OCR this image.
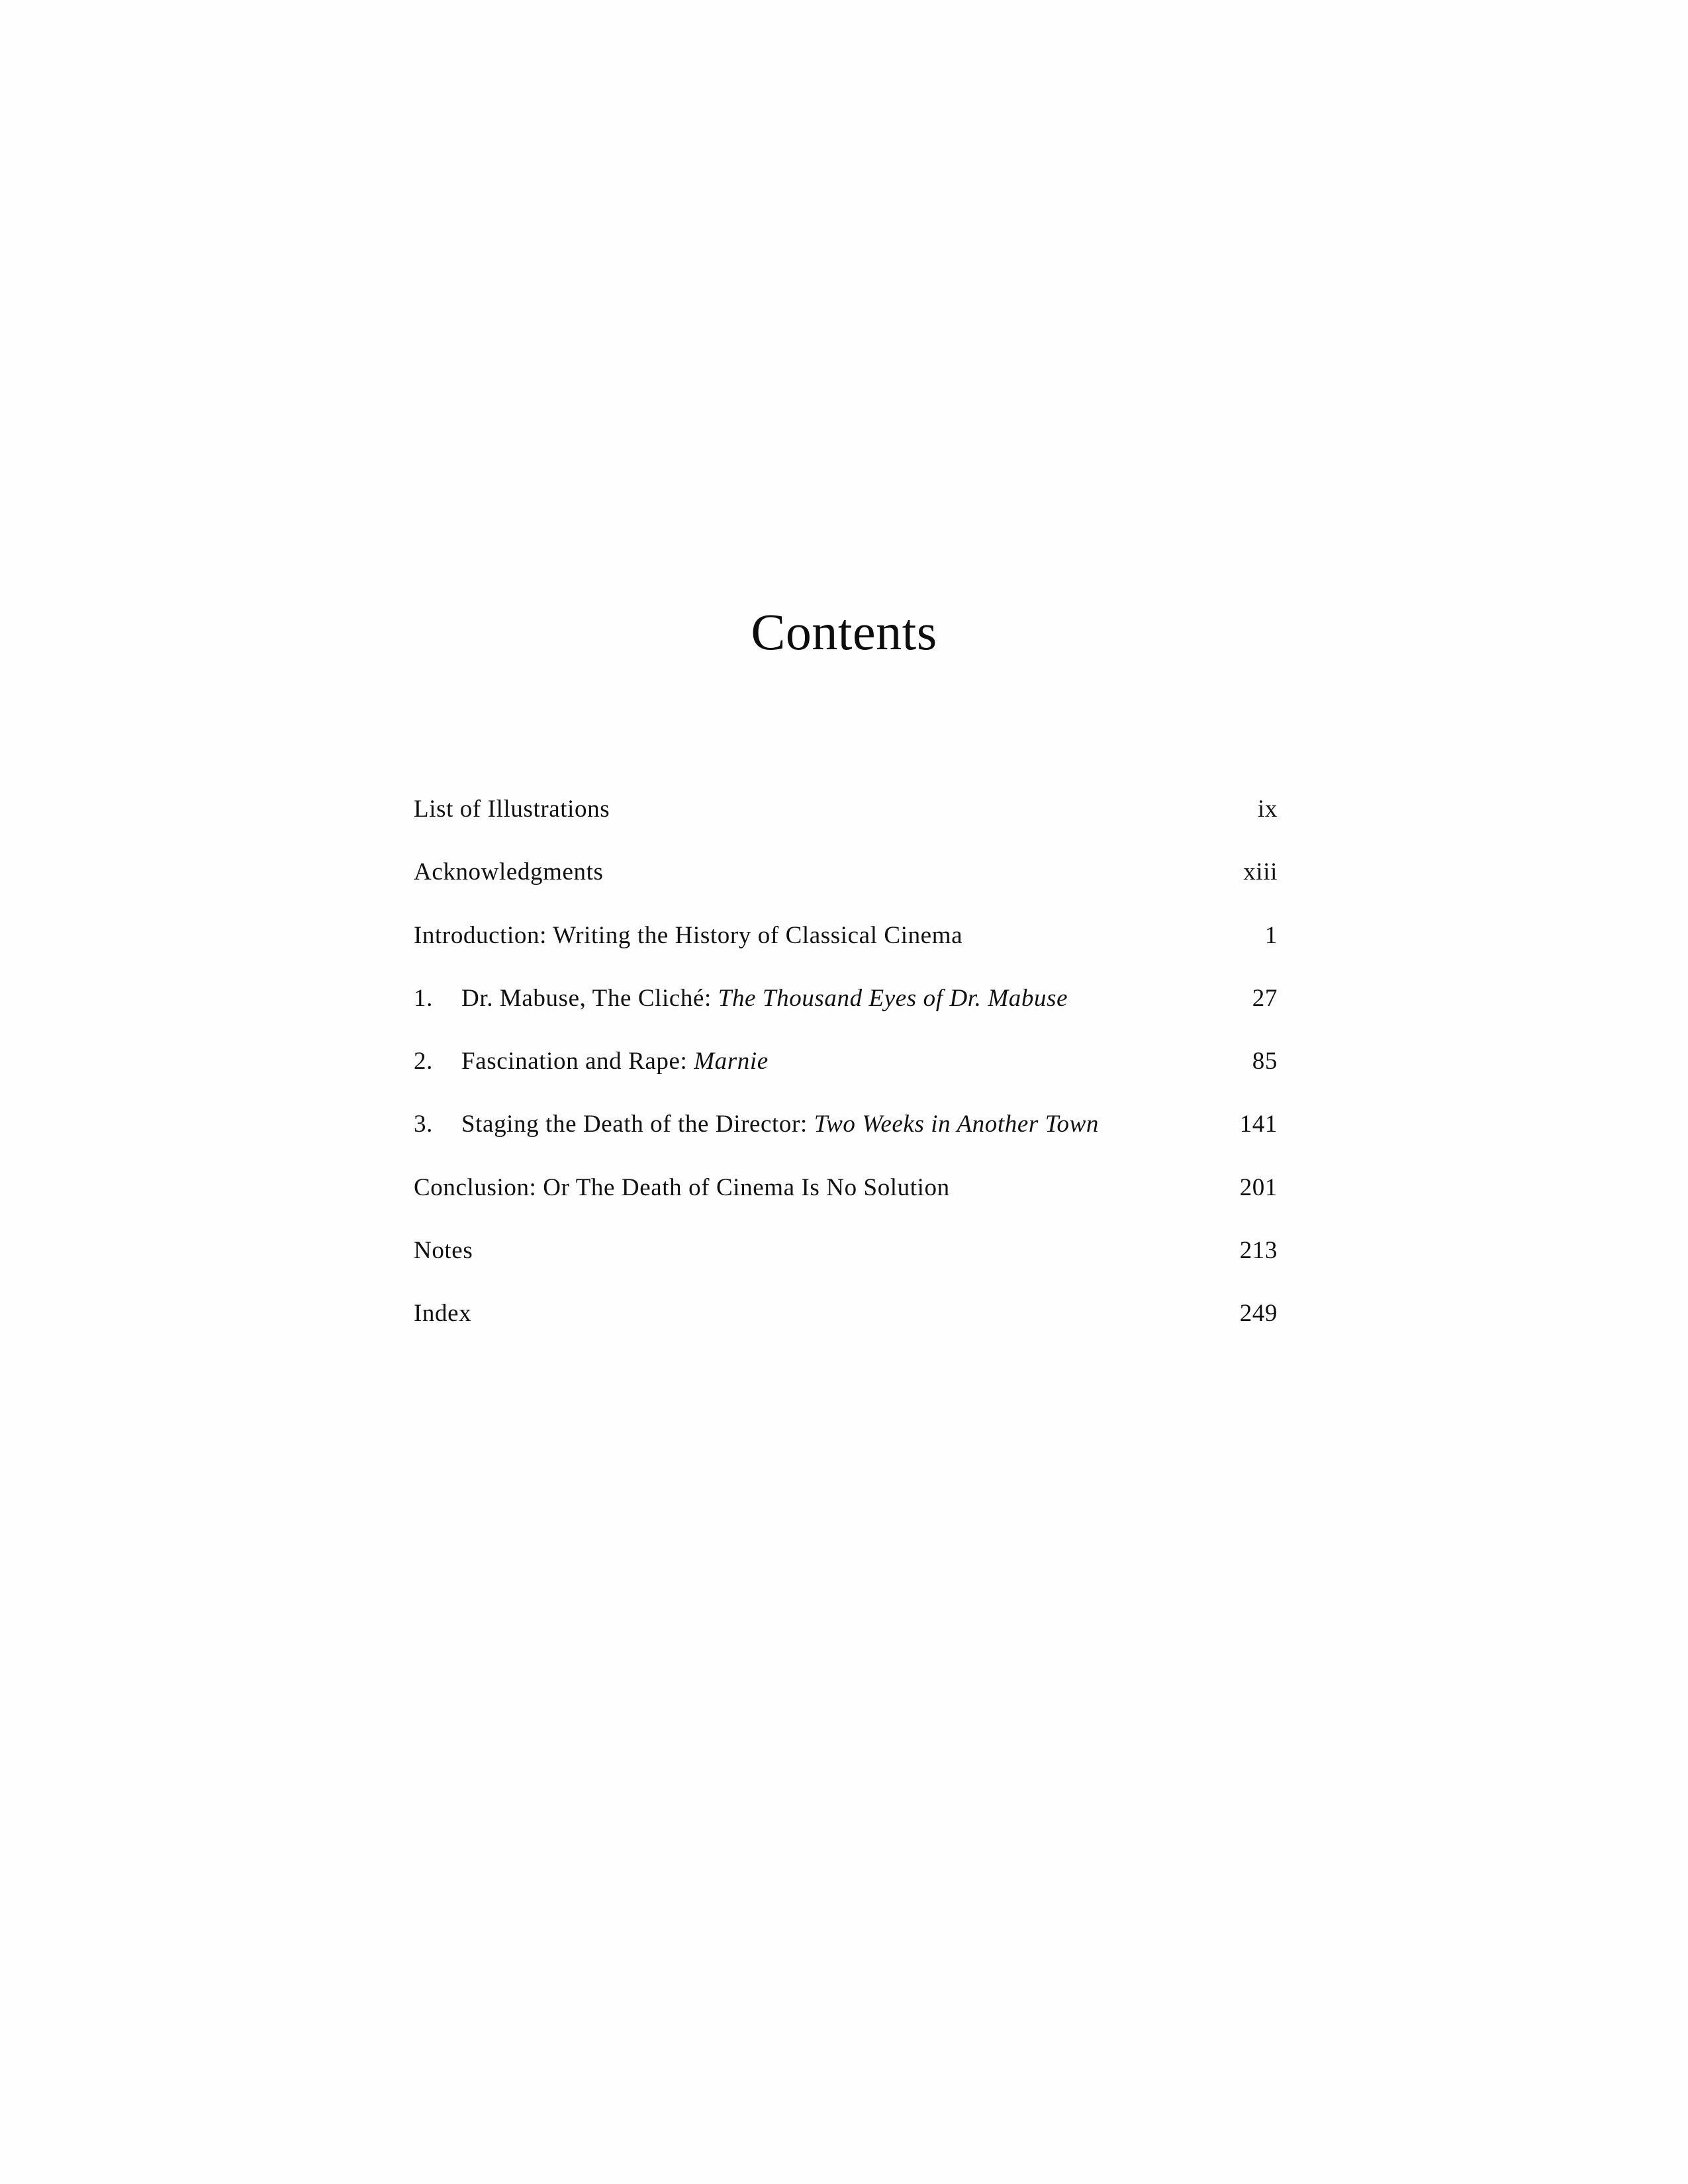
Contents
List of Illustrations	ix
Acknowledgments	xiii
Introduction: Writing the History of Classical Cinema	1
1.	Dr. Mabuse, The Cliché: The Thousand Eyes of Dr. Mabuse	27
2.	Fascination and Rape: Marnie	85
3.	Staging the Death of the Director: Two Weeks in Another Town	141
Conclusion: Or The Death of Cinema Is No Solution	201
Notes	213
Index	249
